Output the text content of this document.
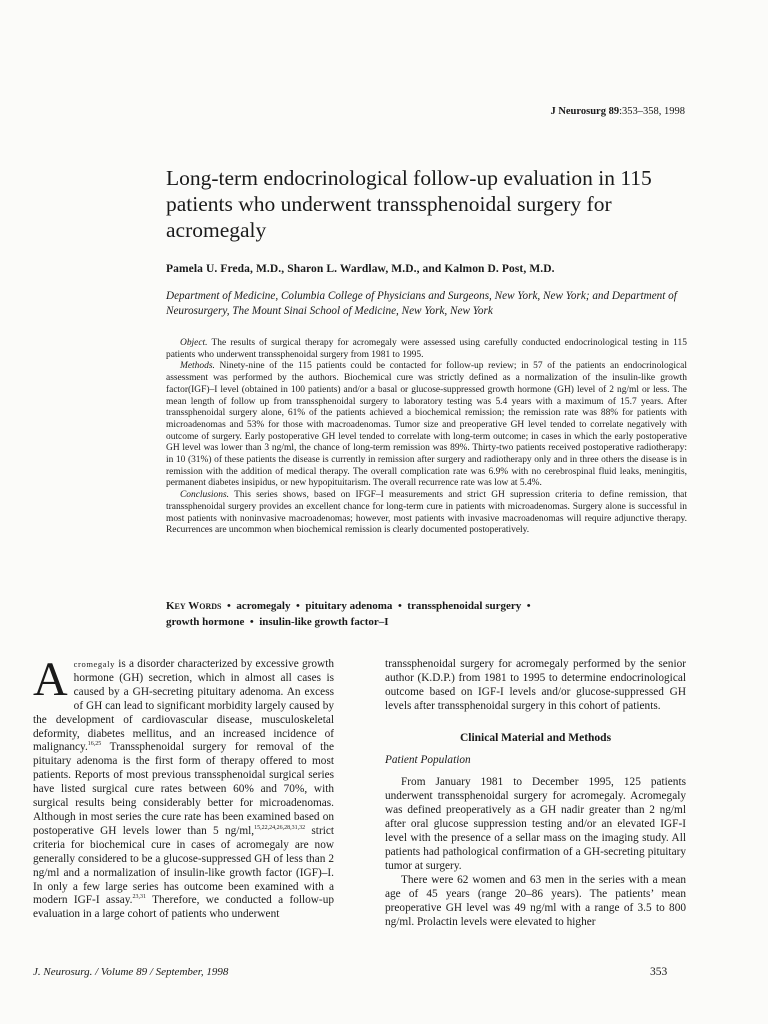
J Neurosurg 89:353–358, 1998
Long-term endocrinological follow-up evaluation in 115 patients who underwent transsphenoidal surgery for acromegaly
Pamela U. Freda, M.D., Sharon L. Wardlaw, M.D., and Kalmon D. Post, M.D.
Department of Medicine, Columbia College of Physicians and Surgeons, New York, New York; and Department of Neurosurgery, The Mount Sinai School of Medicine, New York, New York

Object. The results of surgical therapy for acromegaly were assessed using carefully conducted endocrinological testing in 115 patients who underwent transsphenoidal surgery from 1981 to 1995.

Methods. Ninety-nine of the 115 patients could be contacted for follow-up review; in 57 of the patients an endocrinological assessment was performed by the authors. Biochemical cure was strictly defined as a normalization of the insulin-like growth factor(IGF)–I level (obtained in 100 patients) and/or a basal or glucose-suppressed growth hormone (GH) level of 2 ng/ml or less. The mean length of follow up from transsphenoidal surgery to laboratory testing was 5.4 years with a maximum of 15.7 years. After transsphenoidal surgery alone, 61% of the patients achieved a biochemical remission; the remission rate was 88% for patients with microadenomas and 53% for those with macroadenomas. Tumor size and preoperative GH level tended to correlate negatively with outcome of surgery. Early postoperative GH level tended to correlate with long-term outcome; in cases in which the early postoperative GH level was lower than 3 ng/ml, the chance of long-term remission was 89%. Thirty-two patients received postoperative radiotherapy: in 10 (31%) of these patients the disease is currently in remission after surgery and radiotherapy only and in three others the disease is in remission with the addition of medical therapy. The overall complication rate was 6.9% with no cerebrospinal fluid leaks, meningitis, permanent diabetes insipidus, or new hypopituitarism. The overall recurrence rate was low at 5.4%.

Conclusions. This series shows, based on IFGF–I measurements and strict GH supression criteria to define remission, that transsphenoidal surgery provides an excellent chance for long-term cure in patients with microadenomas. Surgery alone is successful in most patients with noninvasive macroadenomas; however, most patients with invasive macroadenomas will require adjunctive therapy. Recurrences are uncommon when biochemical remission is clearly documented postoperatively.

Key Words  •  acromegaly  •  pituitary adenoma  •  transsphenoidal surgery  •
growth hormone  •  insulin-like growth factor–I

Acromegaly is a disorder characterized by excessive growth hormone (GH) secretion, which in almost all cases is caused by a GH-secreting pituitary adenoma. An excess of GH can lead to significant morbidity largely caused by the development of cardiovascular disease, musculoskeletal deformity, diabetes mellitus, and an increased incidence of malignancy.$^{16,25}$ Transsphenoidal surgery for removal of the pituitary adenoma is the first form of therapy offered to most patients. Reports of most previous transsphenoidal surgical series have listed surgical cure rates between 60% and 70%, with surgical results being considerably better for microadenomas. Although in most series the cure rate has been examined based on postoperative GH levels lower than 5 ng/ml,$^{15,22,24,26,28,31,32}$ strict criteria for biochemical cure in cases of acromegaly are now generally considered to be a glucose-suppressed GH of less than 2 ng/ml and a normalization of insulin-like growth factor (IGF)–I. In only a few large series has outcome been examined with a modern IGF-I assay.$^{23,31}$ Therefore, we conducted a follow-up evaluation in a large cohort of patients who underwent

transsphenoidal surgery for acromegaly performed by the senior author (K.D.P.) from 1981 to 1995 to determine endocrinological outcome based on IGF-I levels and/or glucose-suppressed GH levels after transsphenoidal surgery in this cohort of patients.

Clinical Material and Methods
Patient Population

From January 1981 to December 1995, 125 patients underwent transsphenoidal surgery for acromegaly. Acromegaly was defined preoperatively as a GH nadir greater than 2 ng/ml after oral glucose suppression testing and/or an elevated IGF-I level with the presence of a sellar mass on the imaging study. All patients had pathological confirmation of a GH-secreting pituitary tumor at surgery.

There were 62 women and 63 men in the series with a mean age of 45 years (range 20–86 years). The patients’ mean preoperative GH level was 49 ng/ml with a range of 3.5 to 800 ng/ml. Prolactin levels were elevated to higher

J. Neurosurg. / Volume 89 / September, 1998	353
